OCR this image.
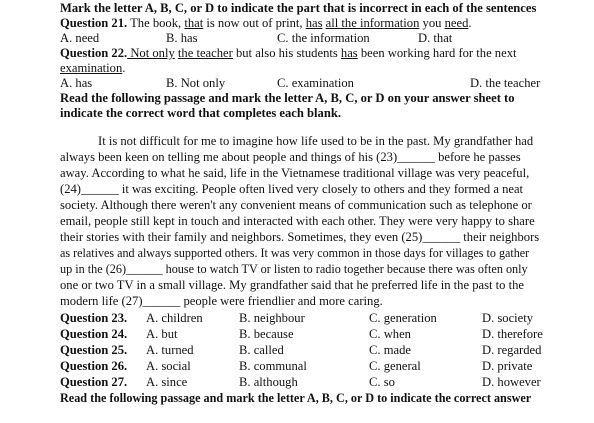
Mark the letter A, B, C, or D to indicate the part that is incorrect in each of the sentences
Question 21. The book, that is now out of print, has all the information you need.
A. need	B. has	C. the information	D. that
Question 22. Not only the teacher but also his students has been working hard for the next
examination.
A. has	B. Not only	C. examination	D. the teacher
Read the following passage and mark the letter A, B, C, or D on your answer sheet to
indicate the correct word that completes each blank.
It is not difficult for me to imagine how life used to be in the past. My grandfather had
always been keen on telling me about people and things of his (23)______ before he passes
away. According to what he said, life in the Vietnamese traditional village was very peaceful,
(24)______ it was exciting. People often lived very closely to others and they formed a neat
society. Although there weren't any convenient means of communication such as telephone or
email, people still kept in touch and interacted with each other. They were very happy to share
their stories with their family and neighbors. Sometimes, they even (25)______ their neighbors
as relatives and always supported others. It was very common in those days for villages to gather
up in the (26)______ house to watch TV or listen to radio together because there was often only
one or two TV in a small village. My grandfather said that he preferred life in the past to the
modern life (27)______ people were friendlier and more caring.
Question 23.	A. children	B. neighbour	C. generation	D. society
Question 24.	A. but	B. because	C. when	D. therefore
Question 25.	A. turned	B. called	C. made	D. regarded
Question 26.	A. social	B. communal	C. general	D. private
Question 27.	A. since	B. although	C. so	D. however
Read the following passage and mark the letter A, B, C, or D to indicate the correct answer
